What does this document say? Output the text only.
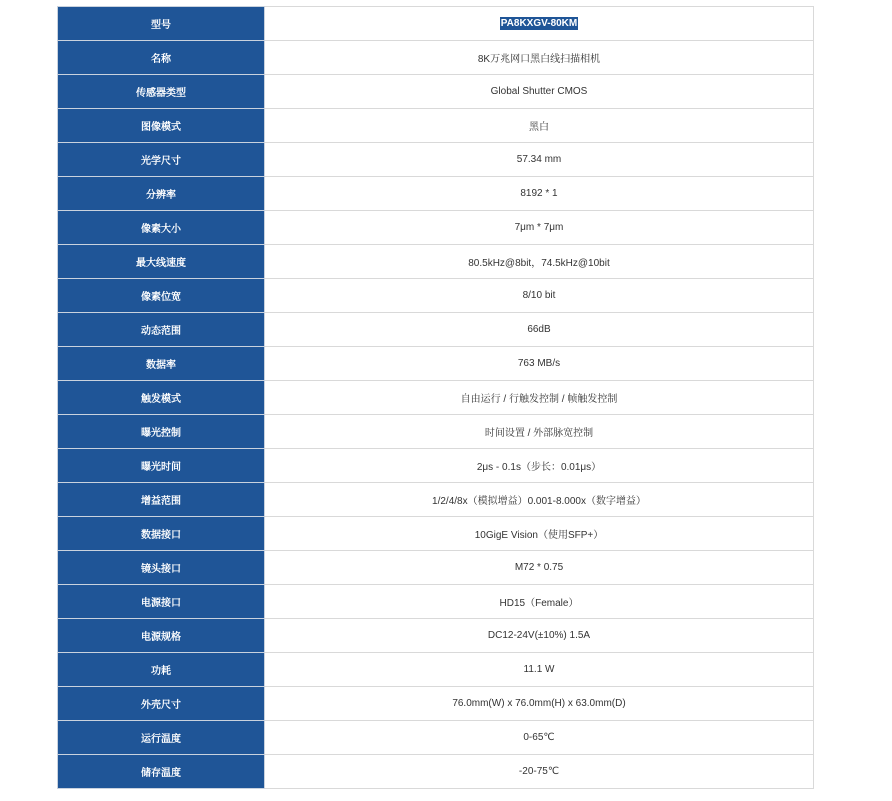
型号	PA8KXGV-80KM
名称	8K万兆网口黑白线扫描相机
传感器类型	Global Shutter CMOS
图像模式	黑白
光学尺寸	57.34 mm
分辨率	8192 * 1
像素大小	7μm * 7μm
最大线速度	80.5kHz@8bit，74.5kHz@10bit
像素位宽	8/10 bit
动态范围	66dB
数据率	763 MB/s
触发模式	自由运行 / 行触发控制 / 帧触发控制
曝光控制	时间设置 / 外部脉宽控制
曝光时间	2μs - 0.1s（步长：0.01μs）
增益范围	1/2/4/8x（模拟增益）0.001-8.000x（数字增益）
数据接口	10GigE Vision（使用SFP+）
镜头接口	M72 * 0.75
电源接口	HD15（Female）
电源规格	DC12-24V(±10%) 1.5A
功耗	11.1 W
外壳尺寸	76.0mm(W) x 76.0mm(H) x 63.0mm(D)
运行温度	0-65℃
储存温度	-20-75℃
